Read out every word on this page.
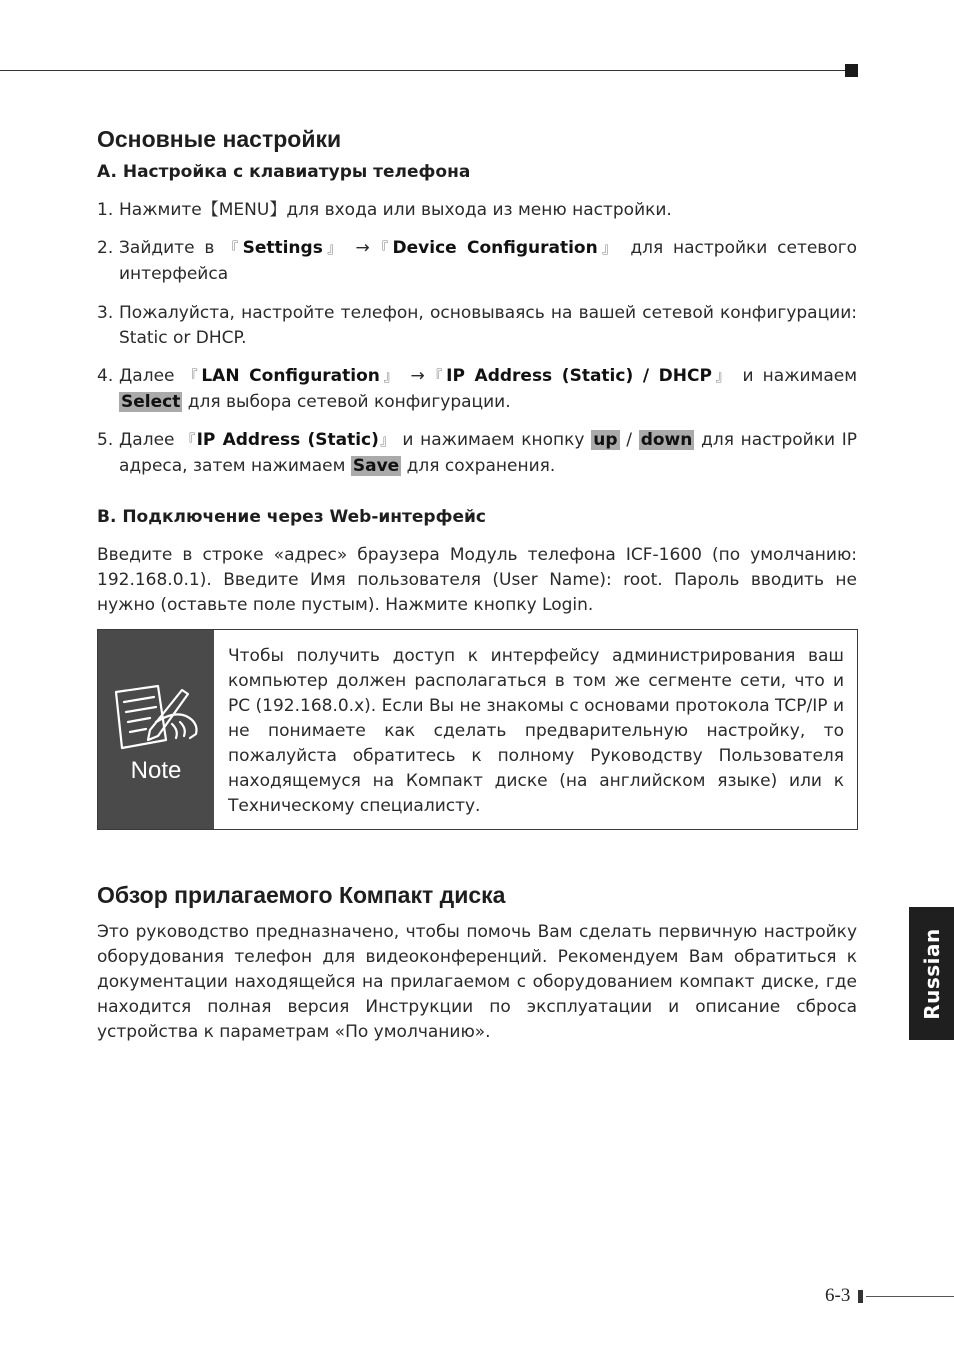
Основные настройки
A. Настройка с клавиатуры телефона
1. Нажмите【MENU】для входа или выхода из меню настройки.
2. Зайдите в 『Settings』 →『Device Configuration』 для настройки сетевого интерфейса
3. Пожалуйста, настройте телефон, основываясь на вашей сетевой конфигурации: Static or DHCP.
4. Далее 『LAN Configuration』 →『IP Address (Static) / DHCP』 и нажимаем Select для выбора сетевой конфигурации.
5. Далее 『IP Address (Static)』 и нажимаем кнопку up / down для настройки IP адреса, затем нажимаем Save для сохранения.
B. Подключение через Web-интерфейс

Введите в строке «адрес» браузера Модуль телефона ICF-1600 (по умолчанию: 192.168.0.1). Введите Имя пользователя (User Name): root. Пароль вводить не нужно (оставьте поле пустым). Нажмите кнопку Login.

Note

Чтобы получить доступ к интерфейсу администрирования ваш компьютер должен располагаться в том же сегменте сети, что и PC (192.168.0.x). Если Вы не знакомы с основами протокола TCP/IP и не понимаете как сделать предварительную настройку, то пожалуйста обратитесь к полному Руководству Пользователя находящемуся на Компакт диске (на английском языке) или к Техническому специалисту.

Обзор прилагаемого Компакт диска

Это руководство предназначено, чтобы помочь Вам сделать первичную настройку оборудования телефон для видеоконференций. Рекомендуем Вам обратиться к документации находящейся на прилагаемом с оборудованием компакт диске, где находится полная версия Инструкции по эксплуатации и описание сброса устройства к параметрам «По умолчанию».

Russian
6-3
